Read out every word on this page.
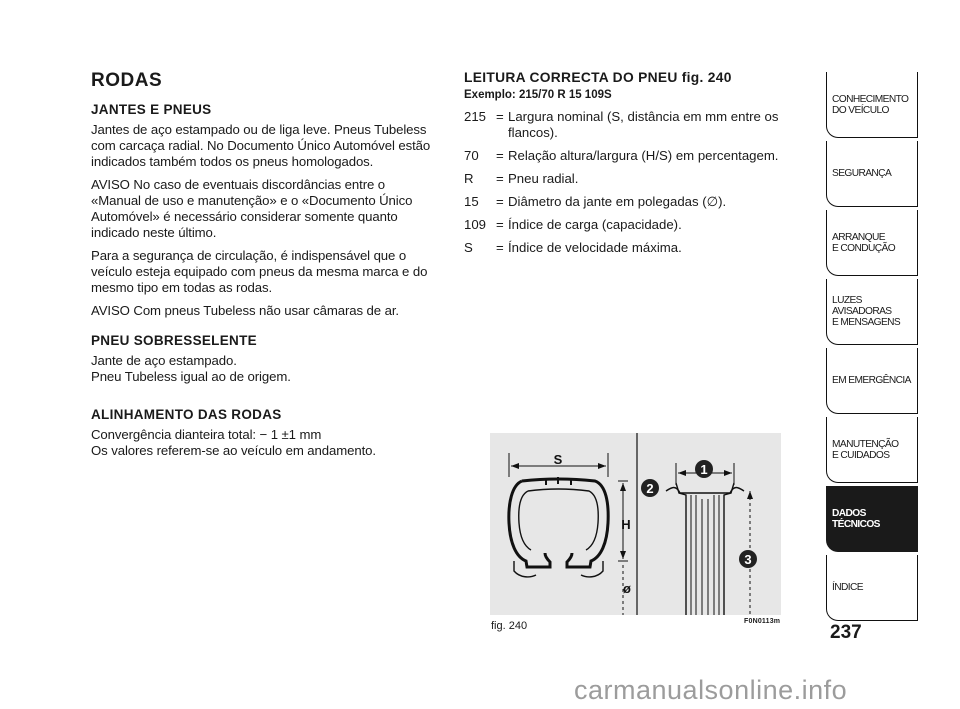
RODAS
JANTES E PNEUS

Jantes de aço estampado ou de liga leve. Pneus Tubeless com carcaça radial. No Documento Único Automóvel estão indicados também todos os pneus homologados.

AVISO No caso de eventuais discordâncias entre o «Manual de uso e manutenção» e o «Documento Único Automóvel» é necessário considerar somente quanto indicado neste último.

Para a segurança de circulação, é indispensável que o veículo esteja equipado com pneus da mesma marca e do mesmo tipo em todas as rodas.

AVISO Com pneus Tubeless não usar câmaras de ar.

PNEU SOBRESSELENTE
Jante de aço estampado.
Pneu Tubeless igual ao de origem.
ALINHAMENTO DAS RODAS
Convergência dianteira total: − 1 ±1 mm
Os valores referem-se ao veículo em andamento.
LEITURA CORRECTA DO PNEU fig. 240
Exemplo: 215/70 R 15 109S
215 = Largura nominal (S, distância em mm entre os flancos).
70	= Relação altura/largura (H/S) em percentagem.
R	= Pneu radial.
15	= Diâmetro da jante em polegadas (∅).
109 = Índice de carga (capacidade).
S	= Índice de velocidade máxima.
S
H
ø
1
2
3
fig. 240	F0N0113m
CONHECIMENTO
DO VEÍCULO
SEGURANÇA
ARRANQUE
E CONDUÇÃO
LUZES
AVISADORAS
E MENSAGENS
EM EMERGÊNCIA
MANUTENÇÃO
E CUIDADOS
DADOS
TÉCNICOS
ÍNDICE
237
carmanualsonline.info
